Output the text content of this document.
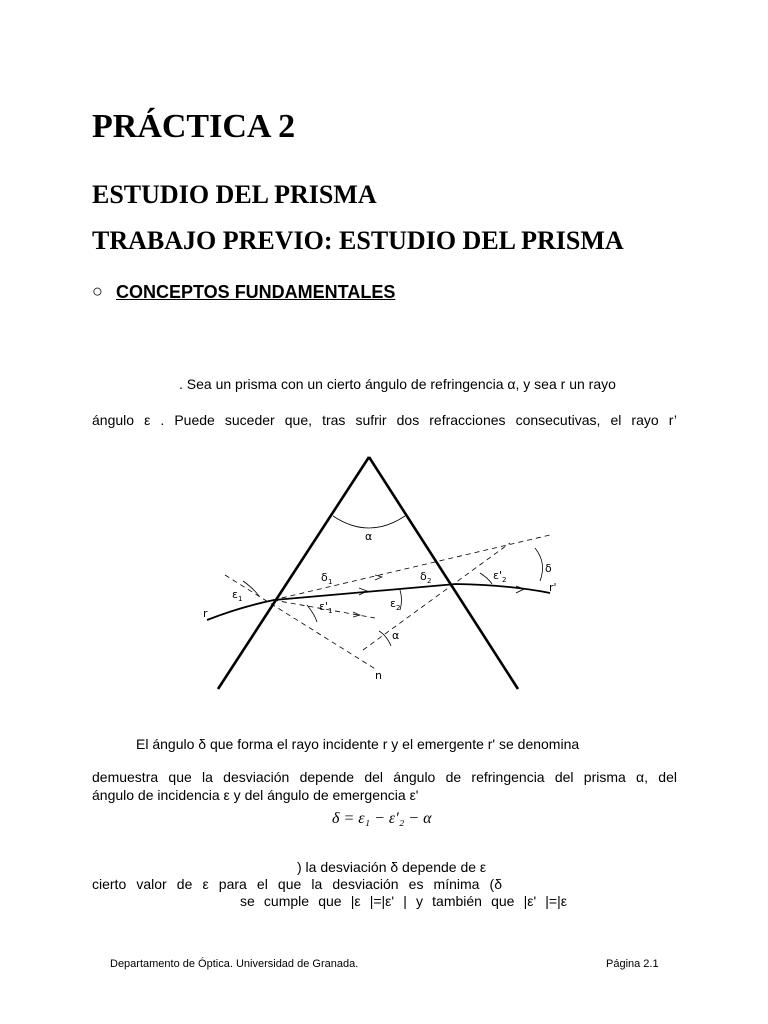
PRÁCTICA 2
ESTUDIO DEL PRISMA
TRABAJO PREVIO: ESTUDIO DEL PRISMA
○ CONCEPTOS FUNDAMENTALES
. Sea un prisma con un cierto ángulo de refringencia α, y sea r un rayo
ángulo ε . Puede suceder que, tras sufrir dos refracciones consecutivas, el rayo r’
α
δ
δ 1	δ 2	ε' 2
ε 1
ε' 1
ε 2
α
r
r'
n
El ángulo δ que forma el rayo incidente r y el emergente r' se denomina
demuestra que la desviación depende del ángulo de refringencia del prisma α, del
ángulo de incidencia ε y del ángulo de emergencia ε'
δ = ε₁ − ε′₂ − α
) la desviación δ depende de ε
cierto valor de ε para el que la desviación es mínima (δ
se cumple que |ε |=|ε' | y también que |ε' |=|ε
Departamento de Óptica. Universidad de Granada.	Página 2.1
